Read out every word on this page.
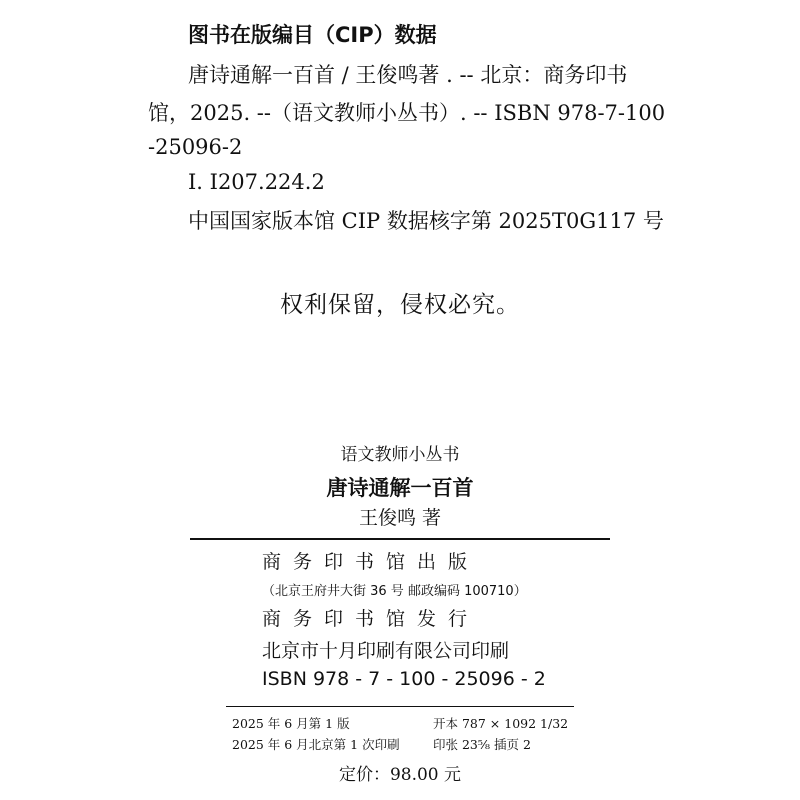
图书在版编目（CIP）数据
唐诗通解一百首 / 王俊鸣著 . -- 北京：商务印书
馆，2025. --（语文教师小丛书）. -- ISBN 978-7-100
-25096-2
I. I207.224.2
中国国家版本馆 CIP 数据核字第 2025T0G117 号
权利保留，侵权必究。
语文教师小丛书
唐诗通解一百首
王俊鸣 著
商务印书馆出版
（北京王府井大街 36 号 邮政编码 100710）
商务印书馆发行
北京市十月印刷有限公司印刷
ISBN 978 - 7 - 100 - 25096 - 2
2025 年 6 月第 1 版
2025 年 6 月北京第 1 次印刷
开本 787 × 1092 1/32
印张 23⅝ 插页 2
定价：98.00 元
